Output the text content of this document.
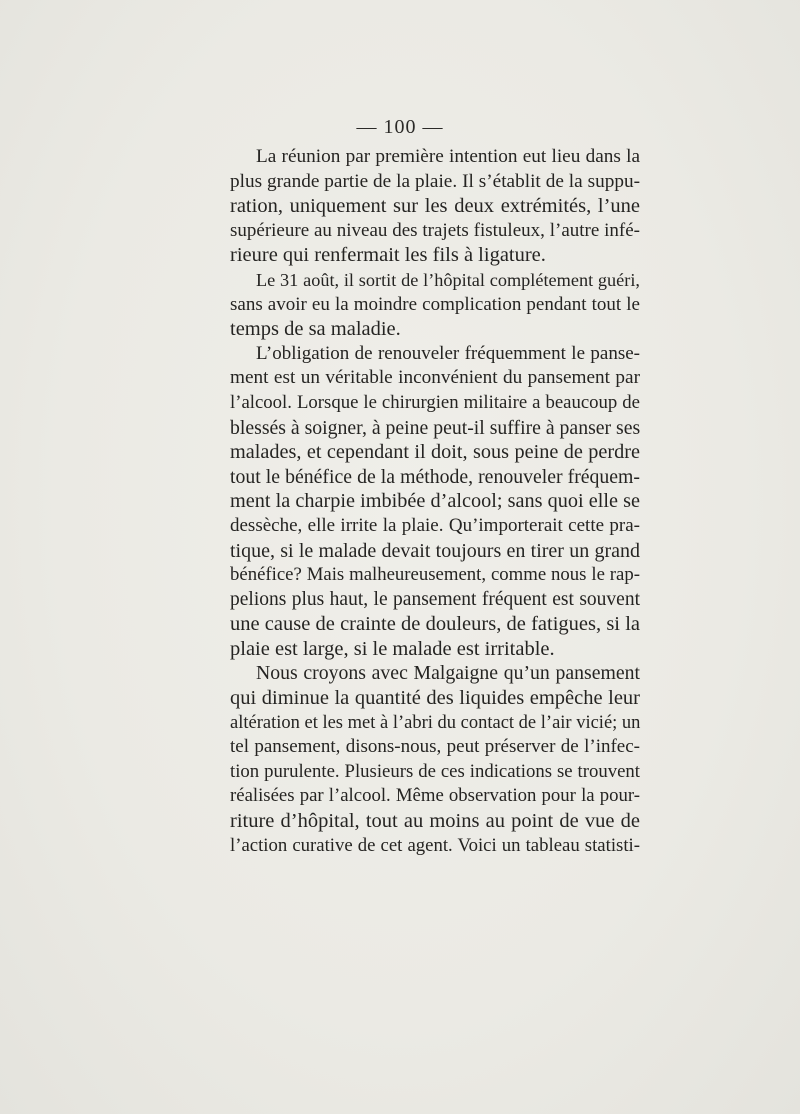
— 100 —
La réunion par première intention eut lieu dans la
plus grande partie de la plaie. Il s’établit de la suppu-
ration, uniquement sur les deux extrémités, l’une
supérieure au niveau des trajets fistuleux, l’autre infé-
rieure qui renfermait les fils à ligature.
Le 31 août, il sortit de l’hôpital complétement guéri,
sans avoir eu la moindre complication pendant tout le
temps de sa maladie.
L’obligation de renouveler fréquemment le panse-
ment est un véritable inconvénient du pansement par
l’alcool. Lorsque le chirurgien militaire a beaucoup de
blessés à soigner, à peine peut-il suffire à panser ses
malades, et cependant il doit, sous peine de perdre
tout le bénéfice de la méthode, renouveler fréquem-
ment la charpie imbibée d’alcool; sans quoi elle se
dessèche, elle irrite la plaie. Qu’importerait cette pra-
tique, si le malade devait toujours en tirer un grand
bénéfice? Mais malheureusement, comme nous le rap-
pelions plus haut, le pansement fréquent est souvent
une cause de crainte de douleurs, de fatigues, si la
plaie est large, si le malade est irritable.
Nous croyons avec Malgaigne qu’un pansement
qui diminue la quantité des liquides empêche leur
altération et les met à l’abri du contact de l’air vicié; un
tel pansement, disons-nous, peut préserver de l’infec-
tion purulente. Plusieurs de ces indications se trouvent
réalisées par l’alcool. Même observation pour la pour-
riture d’hôpital, tout au moins au point de vue de
l’action curative de cet agent. Voici un tableau statisti-
